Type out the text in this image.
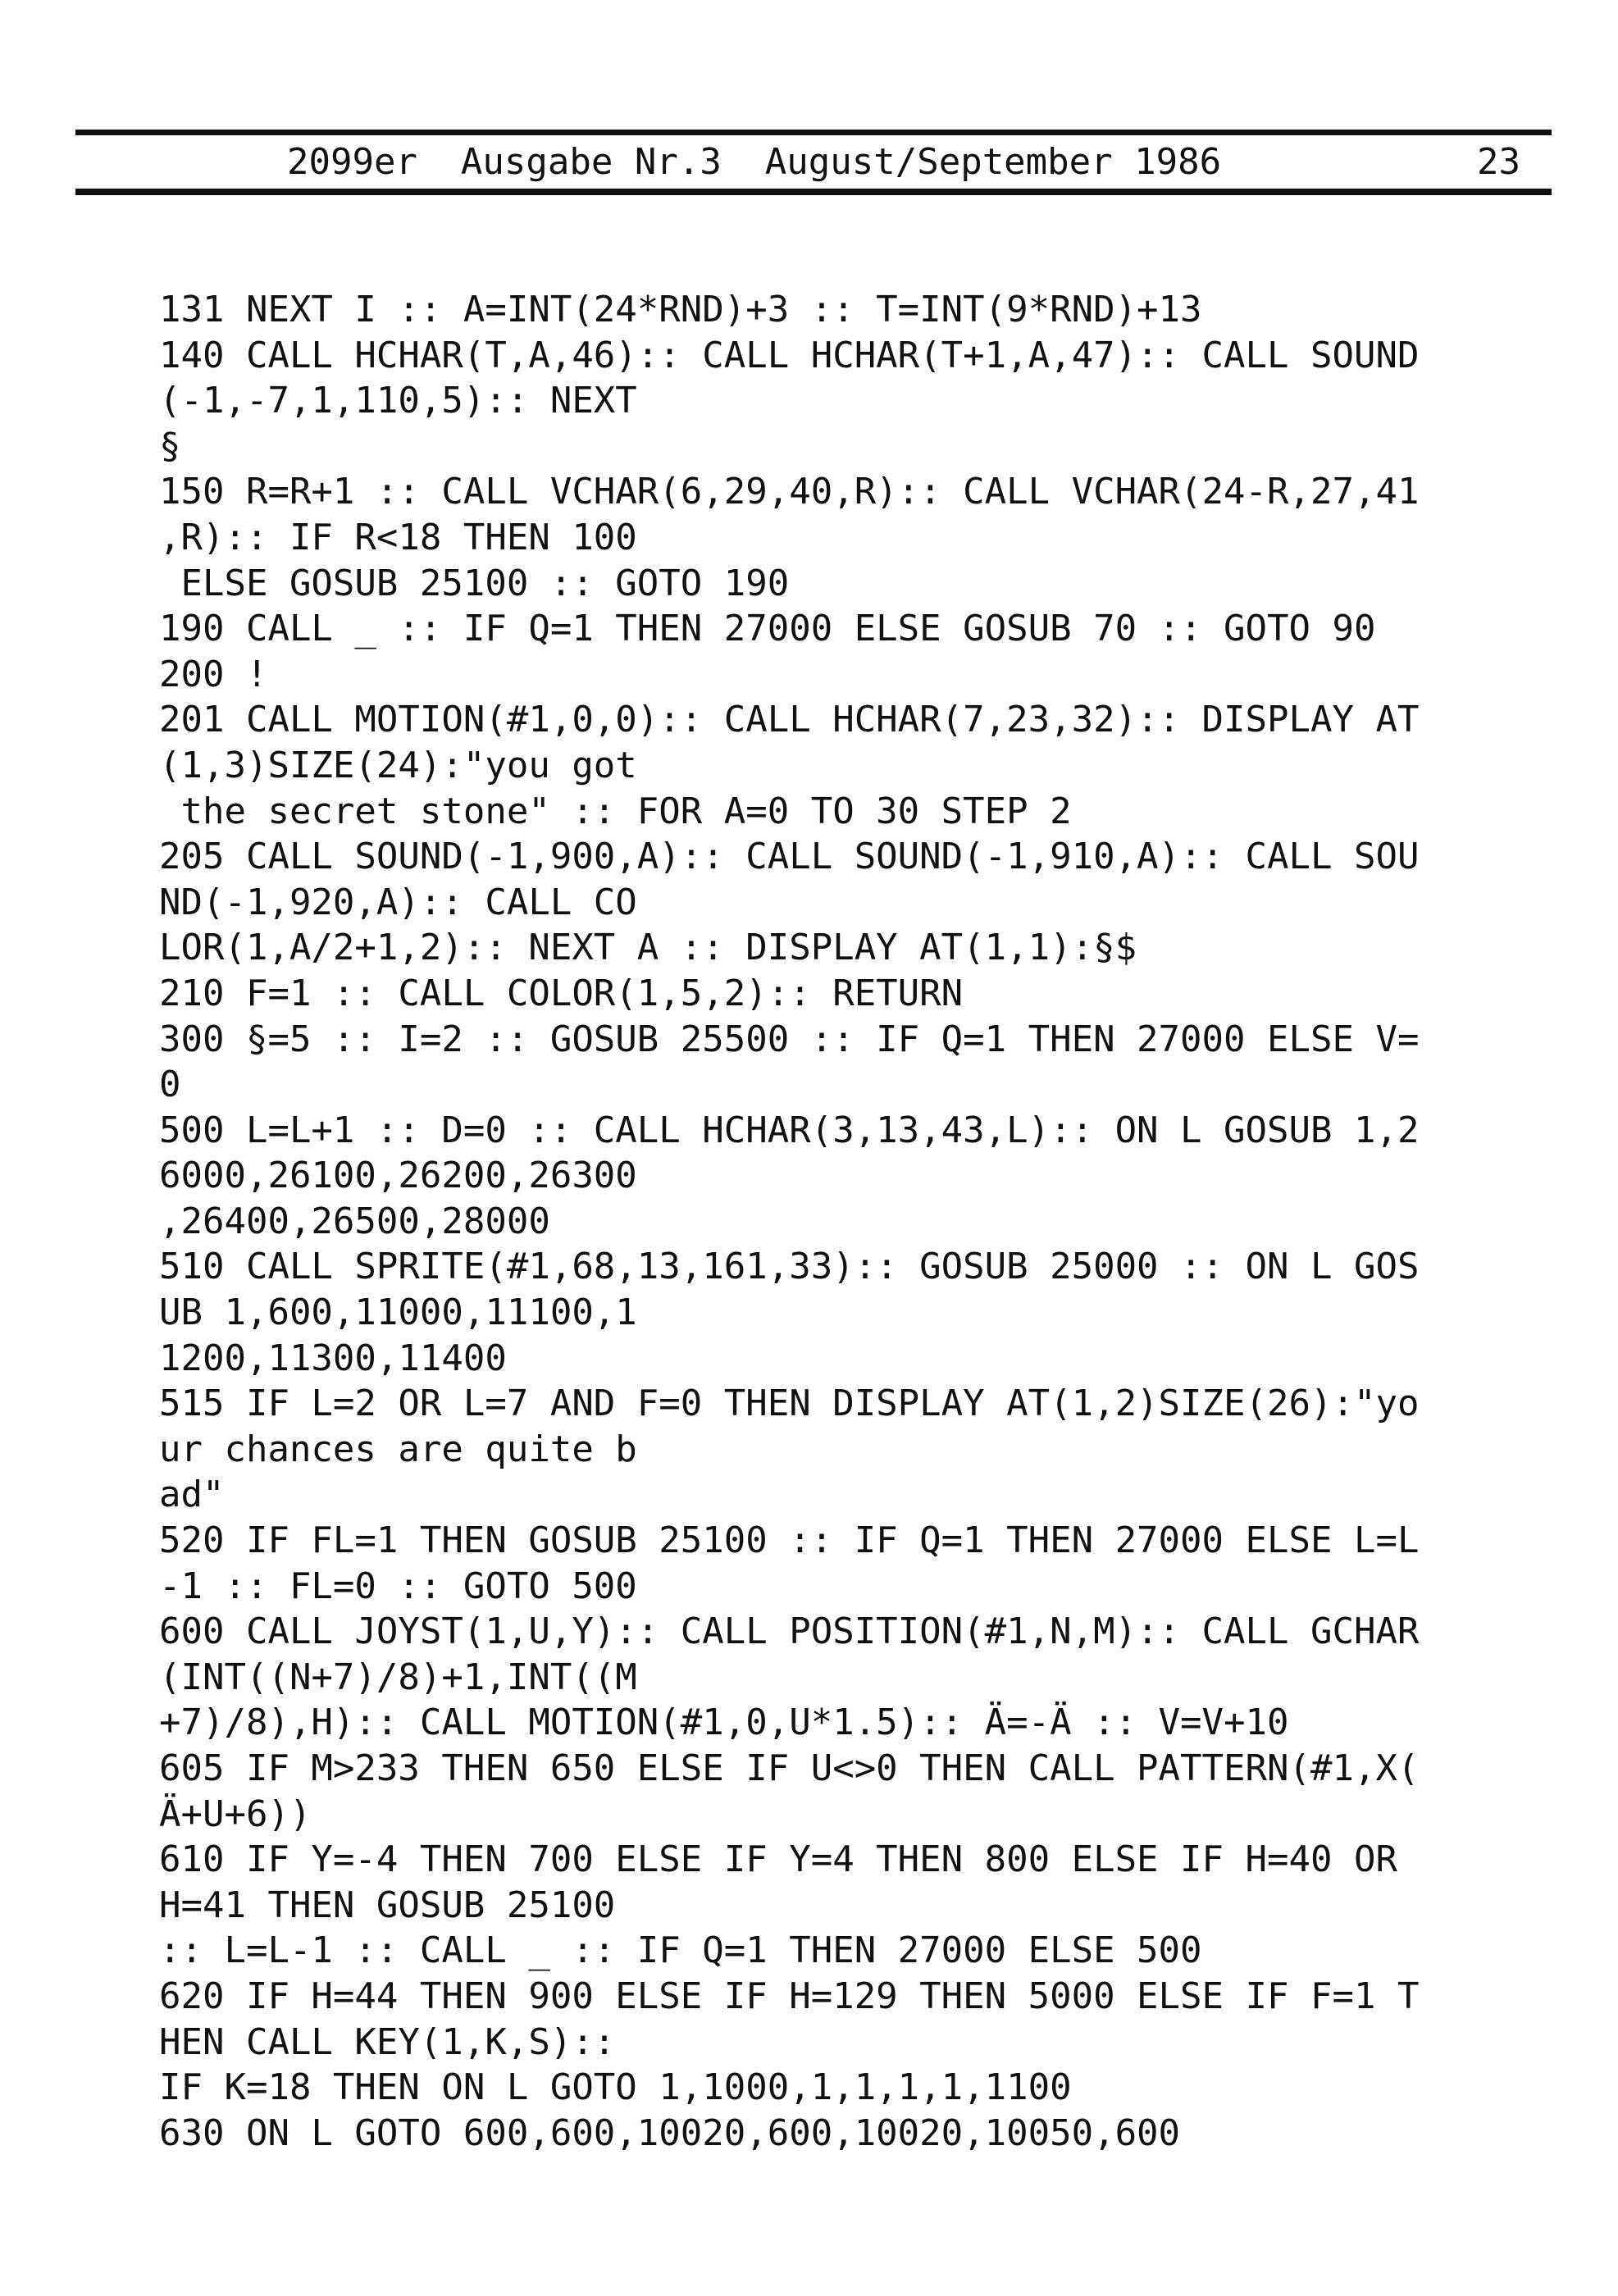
2099er  Ausgabe Nr.3  August/September 1986

	23

131 NEXT I :: A=INT(24*RND)+3 :: T=INT(9*RND)+13
140 CALL HCHAR(T,A,46):: CALL HCHAR(T+1,A,47):: CALL SOUND
(-1,-7,1,110,5):: NEXT
§
150 R=R+1 :: CALL VCHAR(6,29,40,R):: CALL VCHAR(24-R,27,41
,R):: IF R<18 THEN 100
ELSE GOSUB 25100 :: GOTO 190
190 CALL _ :: IF Q=1 THEN 27000 ELSE GOSUB 70 :: GOTO 90
200 !
201 CALL MOTION(#1,0,0):: CALL HCHAR(7,23,32):: DISPLAY AT
(1,3)SIZE(24):"you got
the secret stone" :: FOR A=0 TO 30 STEP 2
205 CALL SOUND(-1,900,A):: CALL SOUND(-1,910,A):: CALL SOU
ND(-1,920,A):: CALL CO
LOR(1,A/2+1,2):: NEXT A :: DISPLAY AT(1,1):§$
210 F=1 :: CALL COLOR(1,5,2):: RETURN
300 §=5 :: I=2 :: GOSUB 25500 :: IF Q=1 THEN 27000 ELSE V=
0
500 L=L+1 :: D=0 :: CALL HCHAR(3,13,43,L):: ON L GOSUB 1,2
6000,26100,26200,26300
,26400,26500,28000
510 CALL SPRITE(#1,68,13,161,33):: GOSUB 25000 :: ON L GOS
UB 1,600,11000,11100,1
1200,11300,11400
515 IF L=2 OR L=7 AND F=0 THEN DISPLAY AT(1,2)SIZE(26):"yo
ur chances are quite b
ad"
520 IF FL=1 THEN GOSUB 25100 :: IF Q=1 THEN 27000 ELSE L=L
-1 :: FL=0 :: GOTO 500
600 CALL JOYST(1,U,Y):: CALL POSITION(#1,N,M):: CALL GCHAR
(INT((N+7)/8)+1,INT((M
+7)/8),H):: CALL MOTION(#1,0,U*1.5):: Ä=-Ä :: V=V+10
605 IF M>233 THEN 650 ELSE IF U<>0 THEN CALL PATTERN(#1,X(
Ä+U+6))
610 IF Y=-4 THEN 700 ELSE IF Y=4 THEN 800 ELSE IF H=40 OR
H=41 THEN GOSUB 25100
:: L=L-1 :: CALL _ :: IF Q=1 THEN 27000 ELSE 500
620 IF H=44 THEN 900 ELSE IF H=129 THEN 5000 ELSE IF F=1 T
HEN CALL KEY(1,K,S)::
IF K=18 THEN ON L GOTO 1,1000,1,1,1,1,1100
630 ON L GOTO 600,600,10020,600,10020,10050,600
